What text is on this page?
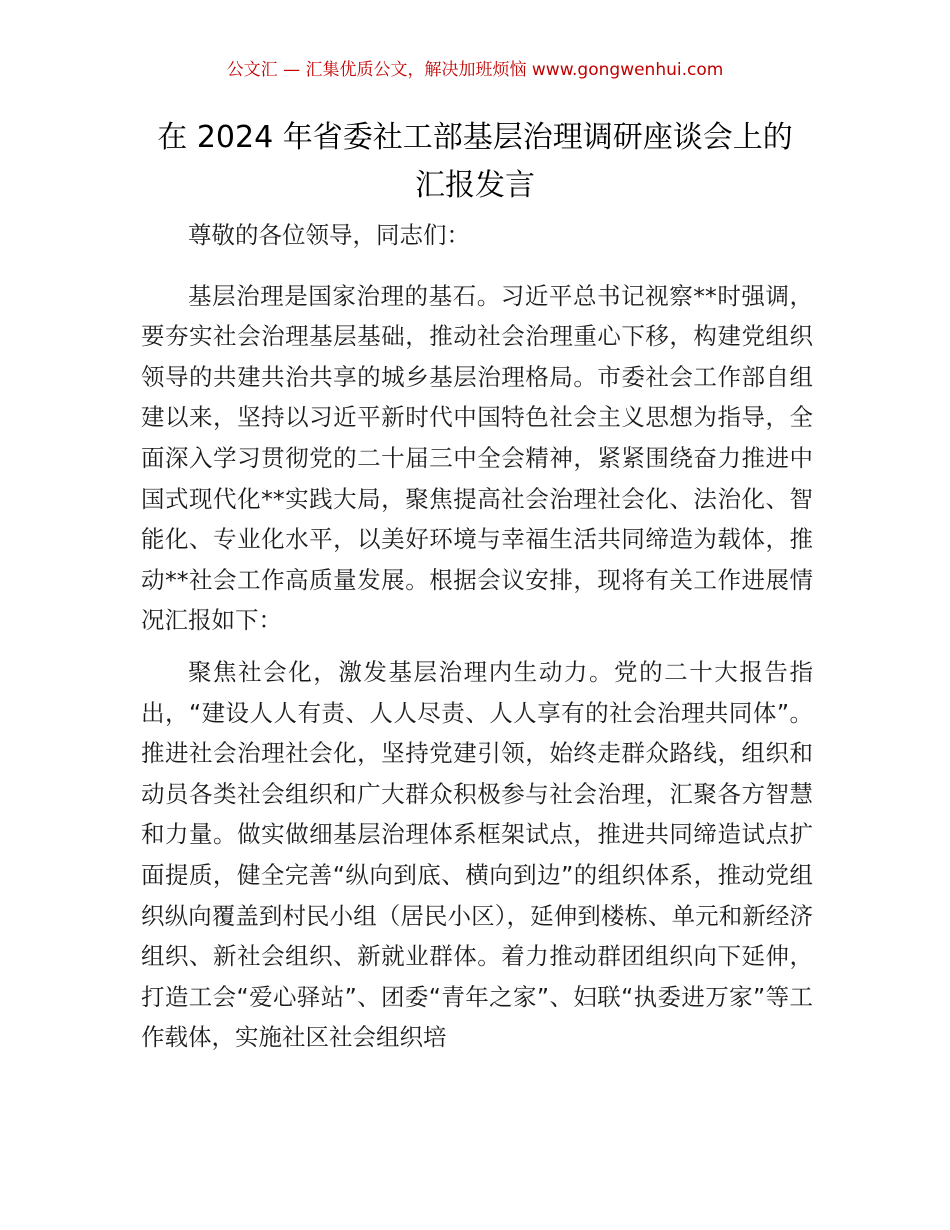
公文汇 — 汇集优质公文，解决加班烦恼 www.gongwenhui.com
在 2024 年省委社工部基层治理调研座谈会上的
汇报发言

尊敬的各位领导，同志们：

基层治理是国家治理的基石。习近平总书记视察**时强调，要夯实社会治理基层基础，推动社会治理重心下移，构建党组织领导的共建共治共享的城乡基层治理格局。市委社会工作部自组建以来，坚持以习近平新时代中国特色社会主义思想为指导，全面深入学习贯彻党的二十届三中全会精神，紧紧围绕奋力推进中国式现代化**实践大局，聚焦提高社会治理社会化、法治化、智能化、专业化水平，以美好环境与幸福生活共同缔造为载体，推动**社会工作高质量发展。根据会议安排，现将有关工作进展情况汇报如下：

聚焦社会化，激发基层治理内生动力。党的二十大报告指出，“建设人人有责、人人尽责、人人享有的社会治理共同体”。推进社会治理社会化，坚持党建引领，始终走群众路线，组织和动员各类社会组织和广大群众积极参与社会治理，汇聚各方智慧和力量。做实做细基层治理体系框架试点，推进共同缔造试点扩面提质，健全完善“纵向到底、横向到边”的组织体系，推动党组织纵向覆盖到村民小组（居民小区），延伸到楼栋、单元和新经济组织、新社会组织、新就业群体。着力推动群团组织向下延伸，打造工会“爱心驿站”、团委“青年之家”、妇联“执委进万家”等工作载体，实施社区社会组织培
